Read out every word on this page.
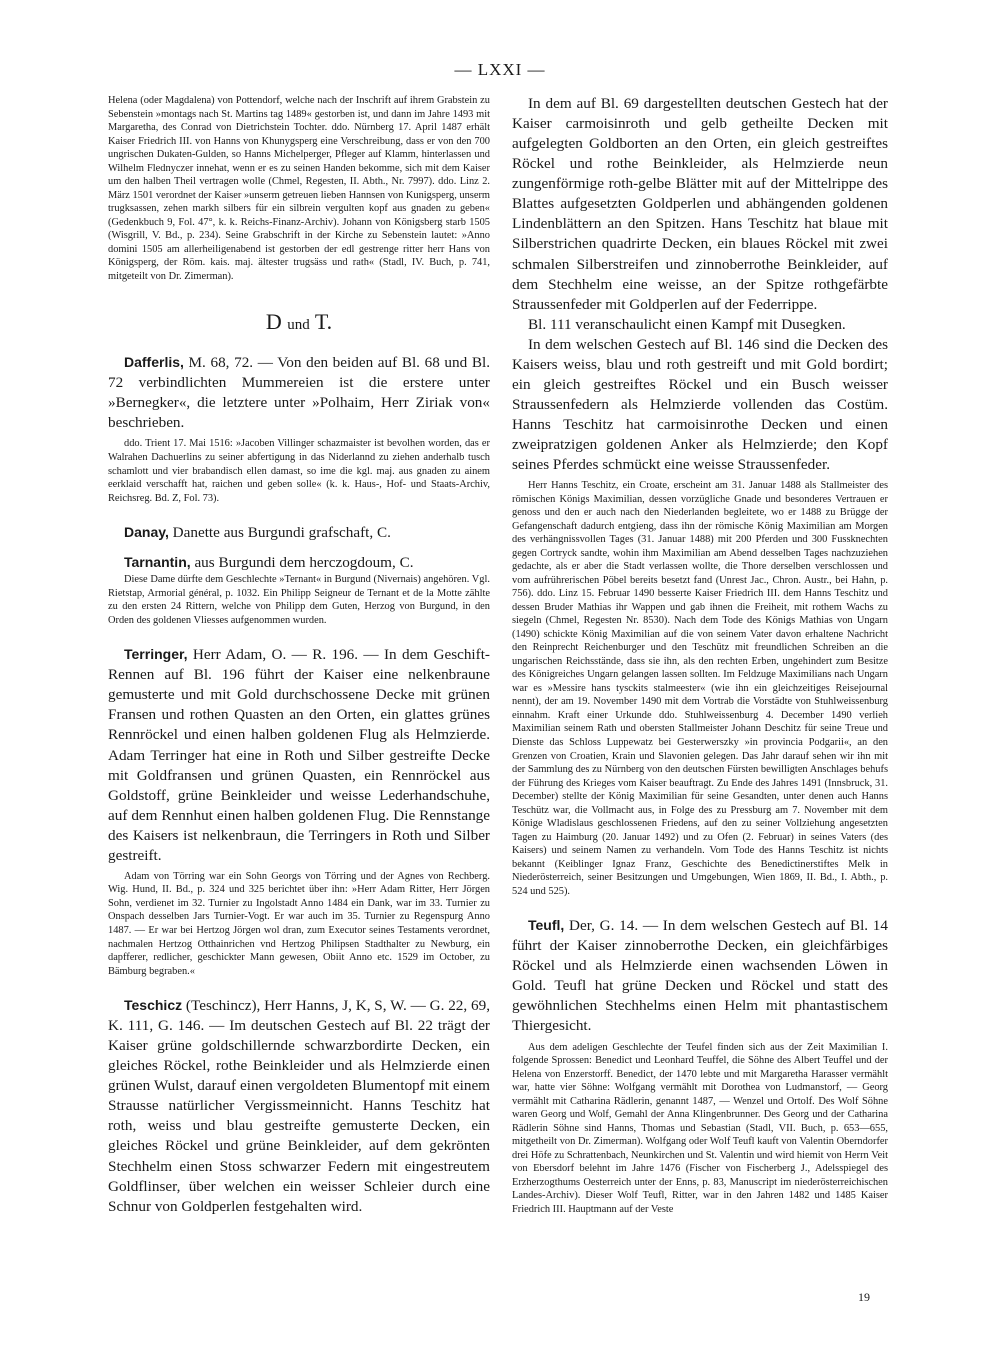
— LXXI —

Helena (oder Magdalena) von Pottendorf, welche nach der Inschrift auf ihrem Grabstein zu Sebenstein »montags nach St. Martins tag 1489« gestorben ist, und dann im Jahre 1493 mit Margaretha, des Conrad von Dietrichstein Tochter. ddo. Nürnberg 17. April 1487 erhält Kaiser Friedrich III. von Hanns von Khunygsperg eine Verschreibung, dass er von den 700 ungrischen Dukaten-Gulden, so Hanns Michelperger, Pfleger auf Klamm, hinterlassen und Wilhelm Flednyczer innehat, wenn er es zu seinen Handen bekomme, sich mit dem Kaiser um den halben Theil vertragen wolle (Chmel, Regesten, II. Abth., Nr. 7997). ddo. Linz 2. März 1501 verordnet der Kaiser »unserm getreuen lieben Hannsen von Kunigsperg, unserm trugksassen, zehen markh silbers für ein silbrein vergulten kopf aus gnaden zu geben« (Gedenkbuch 9, Fol. 47°, k. k. Reichs-Finanz-Archiv). Johann von Königsberg starb 1505 (Wisgrill, V. Bd., p. 234). Seine Grabschrift in der Kirche zu Sebenstein lautet: »Anno domini 1505 am allerheiligenabend ist gestorben der edl gestrenge ritter herr Hans von Königsperg, der Röm. kais. maj. ältester trugsäss und rath« (Stadl, IV. Buch, p. 741, mitgeteilt von Dr. Zimerman).

D und T.

Dafferlis, M. 68, 72. — Von den beiden auf Bl. 68 und Bl. 72 verbindlichten Mummereien ist die erstere unter »Bernegker«, die letztere unter »Polhaim, Herr Ziriak von« beschrieben.

ddo. Trient 17. Mai 1516: »Jacoben Villinger schazmaister ist bevolhen worden, das er Walrahen Dachuerlins zu seiner abfertigung in das Niderlannd zu ziehen anderhalb tusch schamlott und vier brabandisch ellen damast, so ime die kgl. maj. aus gnaden zu ainem eerklaid verschafft hat, raichen und geben solle« (k. k. Haus-, Hof- und Staats-Archiv, Reichsreg. Bd. Z, Fol. 73).

Danay, Danette aus Burgundi grafschaft, C.

Tarnantin, aus Burgundi dem herczogdoum, C.

Diese Dame dürfte dem Geschlechte »Ternant« in Burgund (Nivernais) angehören. Vgl. Rietstap, Armorial général, p. 1032. Ein Philipp Seigneur de Ternant et de la Motte zählte zu den ersten 24 Rittern, welche von Philipp dem Guten, Herzog von Burgund, in den Orden des goldenen Vliesses aufgenommen wurden.

Terringer, Herr Adam, O. — R. 196. — In dem Geschift-Rennen auf Bl. 196 führt der Kaiser eine nelkenbraune gemusterte und mit Gold durchschossene Decke mit grünen Fransen und rothen Quasten an den Orten, ein glattes grünes Rennröckel und einen halben goldenen Flug als Helmzierde. Adam Terringer hat eine in Roth und Silber gestreifte Decke mit Goldfransen und grünen Quasten, ein Rennröckel aus Goldstoff, grüne Beinkleider und weisse Lederhandschuhe, auf dem Rennhut einen halben goldenen Flug. Die Rennstange des Kaisers ist nelkenbraun, die Terringers in Roth und Silber gestreift.

Adam von Törring war ein Sohn Georgs von Törring und der Agnes von Rechberg. Wig. Hund, II. Bd., p. 324 und 325 berichtet über ihn: »Herr Adam Ritter, Herr Jörgen Sohn, verdienet im 32. Turnier zu Ingolstadt Anno 1484 ein Dank, war im 33. Turnier zu Onspach desselben Jars Turnier-Vogt. Er war auch im 35. Turnier zu Regenspurg Anno 1487. — Er war bei Hertzog Jörgen wol dran, zum Executor seines Testaments verordnet, nachmalen Hertzog Otthainrichen vnd Hertzog Philipsen Stadthalter zu Newburg, ein dapfferer, redlicher, geschickter Mann gewesen, Obiit Anno etc. 1529 im October, zu Bämburg begraben.«

Teschicz (Teschincz), Herr Hanns, J, K, S, W. — G. 22, 69, K. 111, G. 146. — Im deutschen Gestech auf Bl. 22 trägt der Kaiser grüne goldschillernde schwarzbordirte Decken, ein gleiches Röckel, rothe Beinkleider und als Helmzierde einen grünen Wulst, darauf einen vergoldeten Blumentopf mit einem Strausse natürlicher Vergissmeinnicht. Hanns Teschitz hat roth, weiss und blau gestreifte gemusterte Decken, ein gleiches Röckel und grüne Beinkleider, auf dem gekrönten Stechhelm einen Stoss schwarzer Federn mit eingestreutem Goldflinser, über welchen ein weisser Schleier durch eine Schnur von Goldperlen festgehalten wird.

In dem auf Bl. 69 dargestellten deutschen Gestech hat der Kaiser carmoisinroth und gelb getheilte Decken mit aufgelegten Goldborten an den Orten, ein gleich gestreiftes Röckel und rothe Beinkleider, als Helmzierde neun zungenförmige roth-gelbe Blätter mit auf der Mittelrippe des Blattes aufgesetzten Goldperlen und abhängenden goldenen Lindenblättern an den Spitzen. Hans Teschitz hat blaue mit Silberstrichen quadrirte Decken, ein blaues Röckel mit zwei schmalen Silberstreifen und zinnoberrothe Beinkleider, auf dem Stechhelm eine weisse, an der Spitze rothgefärbte Straussenfeder mit Goldperlen auf der Federrippe.

Bl. 111 veranschaulicht einen Kampf mit Dusegken.

In dem welschen Gestech auf Bl. 146 sind die Decken des Kaisers weiss, blau und roth gestreift und mit Gold bordirt; ein gleich gestreiftes Röckel und ein Busch weisser Straussenfedern als Helmzierde vollenden das Costüm. Hanns Teschitz hat carmoisinrothe Decken und einen zweipratzigen goldenen Anker als Helmzierde; den Kopf seines Pferdes schmückt eine weisse Straussenfeder.

Herr Hanns Teschitz, ein Croate, erscheint am 31. Januar 1488 als Stallmeister des römischen Königs Maximilian, dessen vorzügliche Gnade und besonderes Vertrauen er genoss und den er auch nach den Niederlanden begleitete, wo er 1488 zu Brügge der Gefangenschaft dadurch entgieng, dass ihn der römische König Maximilian am Morgen des verhängnissvollen Tages (31. Januar 1488) mit 200 Pferden und 300 Fussknechten gegen Cortryck sandte, wohin ihm Maximilian am Abend desselben Tages nachzuziehen gedachte, als er aber die Stadt verlassen wollte, die Thore derselben verschlossen und vom aufrührerischen Pöbel bereits besetzt fand (Unrest Jac., Chron. Austr., bei Hahn, p. 756). ddo. Linz 15. Februar 1490 besserte Kaiser Friedrich III. dem Hanns Teschitz und dessen Bruder Mathias ihr Wappen und gab ihnen die Freiheit, mit rothem Wachs zu siegeln (Chmel, Regesten Nr. 8530). Nach dem Tode des Königs Mathias von Ungarn (1490) schickte König Maximilian auf die von seinem Vater davon erhaltene Nachricht den Reinprecht Reichenburger und den Teschütz mit freundlichen Schreiben an die ungarischen Reichsstände, dass sie ihn, als den rechten Erben, ungehindert zum Besitze des Königreiches Ungarn gelangen lassen sollten. Im Feldzuge Maximilians nach Ungarn war es »Messire hans tysckits stalmeester« (wie ihn ein gleichzeitiges Reisejournal nennt), der am 19. November 1490 mit dem Vortrab die Vorstädte von Stuhlweissenburg einnahm. Kraft einer Urkunde ddo. Stuhlweissenburg 4. December 1490 verlieh Maximilian seinem Rath und obersten Stallmeister Johann Deschitz für seine Treue und Dienste das Schloss Luppewatz bei Gesterwerszky »in provincia Podgarii«, an den Grenzen von Croatien, Krain und Slavonien gelegen. Das Jahr darauf sehen wir ihn mit der Sammlung des zu Nürnberg von den deutschen Fürsten bewilligten Anschlages behufs der Führung des Krieges vom Kaiser beauftragt. Zu Ende des Jahres 1491 (Innsbruck, 31. December) stellte der König Maximilian für seine Gesandten, unter denen auch Hanns Teschütz war, die Vollmacht aus, in Folge des zu Pressburg am 7. November mit dem Könige Wladislaus geschlossenen Friedens, auf den zu seiner Vollziehung angesetzten Tagen zu Haimburg (20. Januar 1492) und zu Ofen (2. Februar) in seines Vaters (des Kaisers) und seinem Namen zu verhandeln. Vom Tode des Hanns Teschitz ist nichts bekannt (Keiblinger Ignaz Franz, Geschichte des Benedictinerstiftes Melk in Niederösterreich, seiner Besitzungen und Umgebungen, Wien 1869, II. Bd., I. Abth., p. 524 und 525).

Teufl, Der, G. 14. — In dem welschen Gestech auf Bl. 14 führt der Kaiser zinnoberrothe Decken, ein gleichfärbiges Röckel und als Helmzierde einen wachsenden Löwen in Gold. Teufl hat grüne Decken und Röckel und statt des gewöhnlichen Stechhelms einen Helm mit phantastischem Thiergesicht.

Aus dem adeligen Geschlechte der Teufel finden sich aus der Zeit Maximilian I. folgende Sprossen: Benedict und Leonhard Teuffel, die Söhne des Albert Teuffel und der Helena von Enzerstorff. Benedict, der 1470 lebte und mit Margaretha Harasser vermählt war, hatte vier Söhne: Wolfgang vermählt mit Dorothea von Ludmanstorf, — Georg vermählt mit Catharina Rädlerin, genannt 1487, — Wenzel und Ortolf. Des Wolf Söhne waren Georg und Wolf, Gemahl der Anna Klingenbrunner. Des Georg und der Catharina Rädlerin Söhne sind Hanns, Thomas und Sebastian (Stadl, VII. Buch, p. 653—655, mitgetheilt von Dr. Zimerman). Wolfgang oder Wolf Teufl kauft von Valentin Oberndorfer drei Höfe zu Schrattenbach, Neunkirchen und St. Valentin und wird hiemit von Herrn Veit von Ebersdorf belehnt im Jahre 1476 (Fischer von Fischerberg J., Adelsspiegel des Erzherzogthums Oesterreich unter der Enns, p. 83, Manuscript im niederösterreichischen Landes-Archiv). Dieser Wolf Teufl, Ritter, war in den Jahren 1482 und 1485 Kaiser Friedrich III. Hauptmann auf der Veste

19
